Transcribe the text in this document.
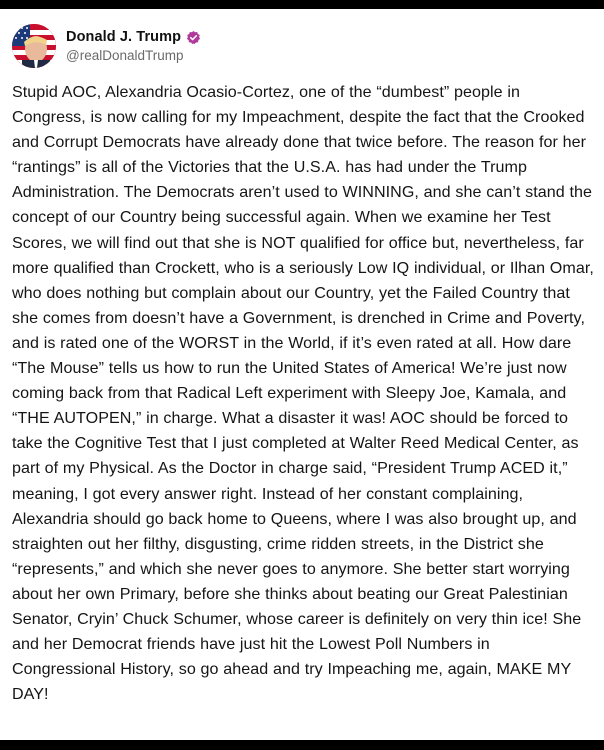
Donald J. Trump
@realDonaldTrump
Stupid AOC, Alexandria Ocasio-Cortez, one of the “dumbest” people in Congress, is now calling for my Impeachment, despite the fact that the Crooked and Corrupt Democrats have already done that twice before. The reason for her “rantings” is all of the Victories that the U.S.A. has had under the Trump Administration. The Democrats aren’t used to WINNING, and she can’t stand the concept of our Country being successful again. When we examine her Test Scores, we will find out that she is NOT qualified for office but, nevertheless, far more qualified than Crockett, who is a seriously Low IQ individual, or Ilhan Omar, who does nothing but complain about our Country, yet the Failed Country that she comes from doesn’t have a Government, is drenched in Crime and Poverty, and is rated one of the WORST in the World, if it’s even rated at all. How dare “The Mouse” tells us how to run the United States of America! We’re just now coming back from that Radical Left experiment with Sleepy Joe, Kamala, and “THE AUTOPEN,” in charge. What a disaster it was! AOC should be forced to take the Cognitive Test that I just completed at Walter Reed Medical Center, as part of my Physical. As the Doctor in charge said, “President Trump ACED it,” meaning, I got every answer right. Instead of her constant complaining, Alexandria should go back home to Queens, where I was also brought up, and straighten out her filthy, disgusting, crime ridden streets, in the District she “represents,” and which she never goes to anymore. She better start worrying about her own Primary, before she thinks about beating our Great Palestinian Senator, Cryin’ Chuck Schumer, whose career is definitely on very thin ice! She and her Democrat friends have just hit the Lowest Poll Numbers in Congressional History, so go ahead and try Impeaching me, again, MAKE MY DAY!
